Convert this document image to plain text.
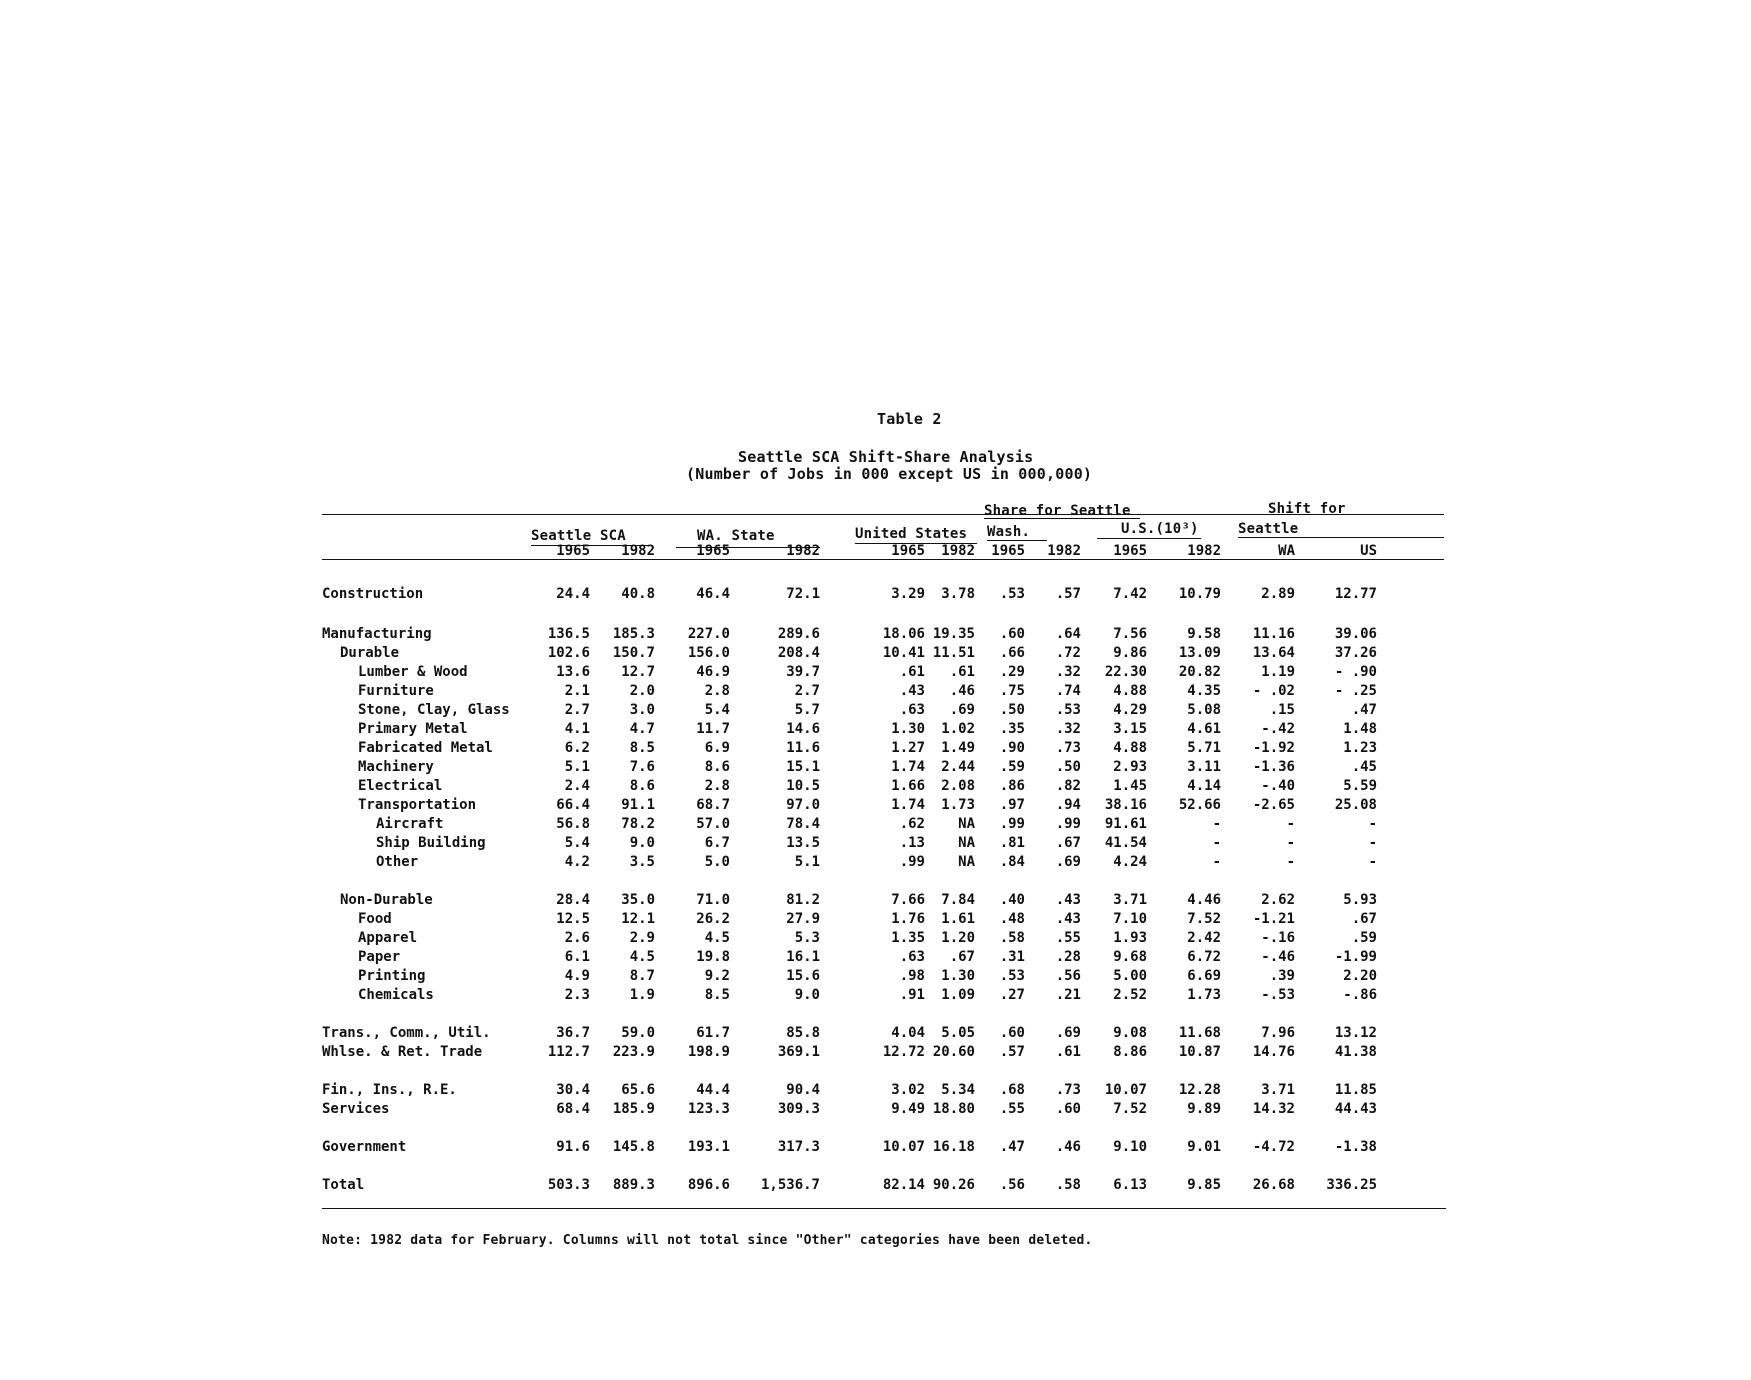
Table 2
Seattle SCA Shift-Share Analysis
(Number of Jobs in 000 except US in 000,000)
Share for Seattle	Shift for
Seattle
Seattle SCA	WA. State	United States Wash.	U.S.(10³)
1965	1982	1965	1982	1965	1982	1965	1982	1965	1982	WA	US
Construction	24.4	40.8	46.4	72.1	3.29	3.78	.53	.57	7.42	10.79	2.89	12.77
Manufacturing	136.5	185.3	227.0	289.6	18.06 19.35	.60	.64	7.56	9.58	11.16	39.06
Durable	102.6	150.7	156.0	208.4	10.41 11.51	.66	.72	9.86	13.09	13.64	37.26
Lumber & Wood	13.6	12.7	46.9	39.7	.61	.61	.29	.32	22.30	20.82	1.19	- .90
Furniture	2.1	2.0	2.8	2.7	.43	.46	.75	.74	4.88	4.35	- .02	- .25
Stone, Clay, Glass	2.7	3.0	5.4	5.7	.63	.69	.50	.53	4.29	5.08	.15	.47
Primary Metal	4.1	4.7	11.7	14.6	1.30	1.02	.35	.32	3.15	4.61	-.42	1.48
Fabricated Metal	6.2	8.5	6.9	11.6	1.27	1.49	.90	.73	4.88	5.71	-1.92	1.23
Machinery	5.1	7.6	8.6	15.1	1.74	2.44	.59	.50	2.93	3.11	-1.36	.45
Electrical	2.4	8.6	2.8	10.5	1.66	2.08	.86	.82	1.45	4.14	-.40	5.59
Transportation	66.4	91.1	68.7	97.0	1.74	1.73	.97	.94	38.16	52.66	-2.65	25.08
Aircraft	56.8	78.2	57.0	78.4	.62	NA	.99	.99	91.61	-	-	-
Ship Building	5.4	9.0	6.7	13.5	.13	NA	.81	.67	41.54	-	-	-
Other	4.2	3.5	5.0	5.1	.99	NA	.84	.69	4.24	-	-	-
Non-Durable	28.4	35.0	71.0	81.2	7.66	7.84	.40	.43	3.71	4.46	2.62	5.93
Food	12.5	12.1	26.2	27.9	1.76	1.61	.48	.43	7.10	7.52	-1.21	.67
Apparel	2.6	2.9	4.5	5.3	1.35	1.20	.58	.55	1.93	2.42	-.16	.59
Paper	6.1	4.5	19.8	16.1	.63	.67	.31	.28	9.68	6.72	-.46	-1.99
Printing	4.9	8.7	9.2	15.6	.98	1.30	.53	.56	5.00	6.69	.39	2.20
Chemicals	2.3	1.9	8.5	9.0	.91	1.09	.27	.21	2.52	1.73	-.53	-.86
Trans., Comm., Util.	36.7	59.0	61.7	85.8	4.04	5.05	.60	.69	9.08	11.68	7.96	13.12
Whlse. & Ret. Trade	112.7	223.9	198.9	369.1	12.72 20.60	.57	.61	8.86	10.87	14.76	41.38
Fin., Ins., R.E.	30.4	65.6	44.4	90.4	3.02	5.34	.68	.73	10.07	12.28	3.71	11.85
Services	68.4	185.9	123.3	309.3	9.49 18.80	.55	.60	7.52	9.89	14.32	44.43
Government	91.6	145.8	193.1	317.3	10.07 16.18	.47	.46	9.10	9.01	-4.72	-1.38
Total	503.3	889.3	896.6	1,536.7	82.14 90.26	.56	.58	6.13	9.85	26.68	336.25
Note: 1982 data for February. Columns will not total since "Other" categories have been deleted.
